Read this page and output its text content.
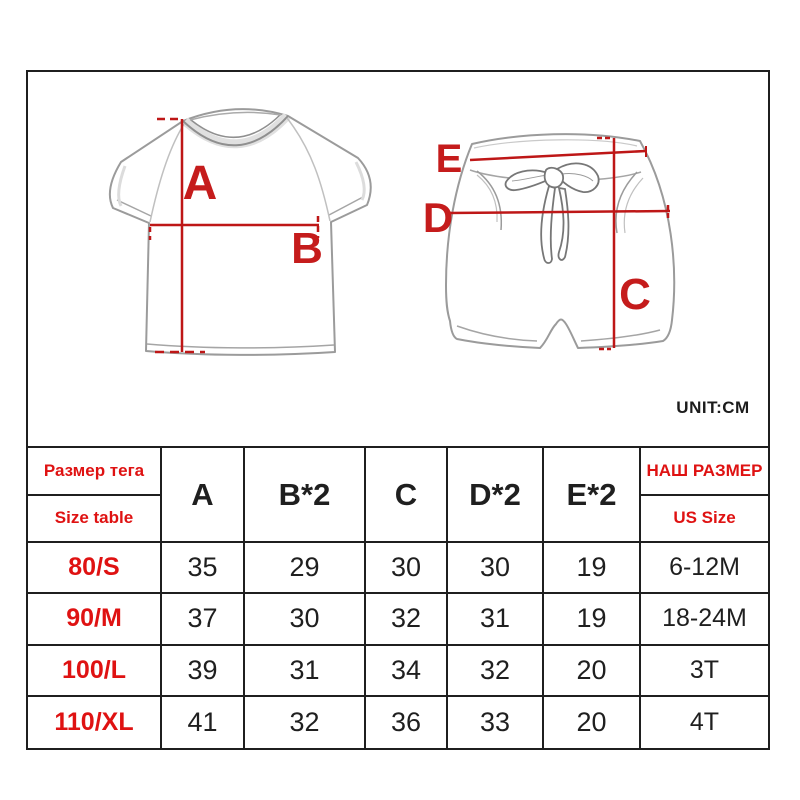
A
B
E
D
C
UNIT:CM
Размер тега
Size table
A	B*2	C	D*2	E*2
НАШ РАЗМЕР
US Size
80/S	35	29	30	30	19	6-12M
90/M	37	30	32	31	19	18-24M
100/L	39	31	34	32	20	3T
110/XL	41	32	36	33	20	4T
